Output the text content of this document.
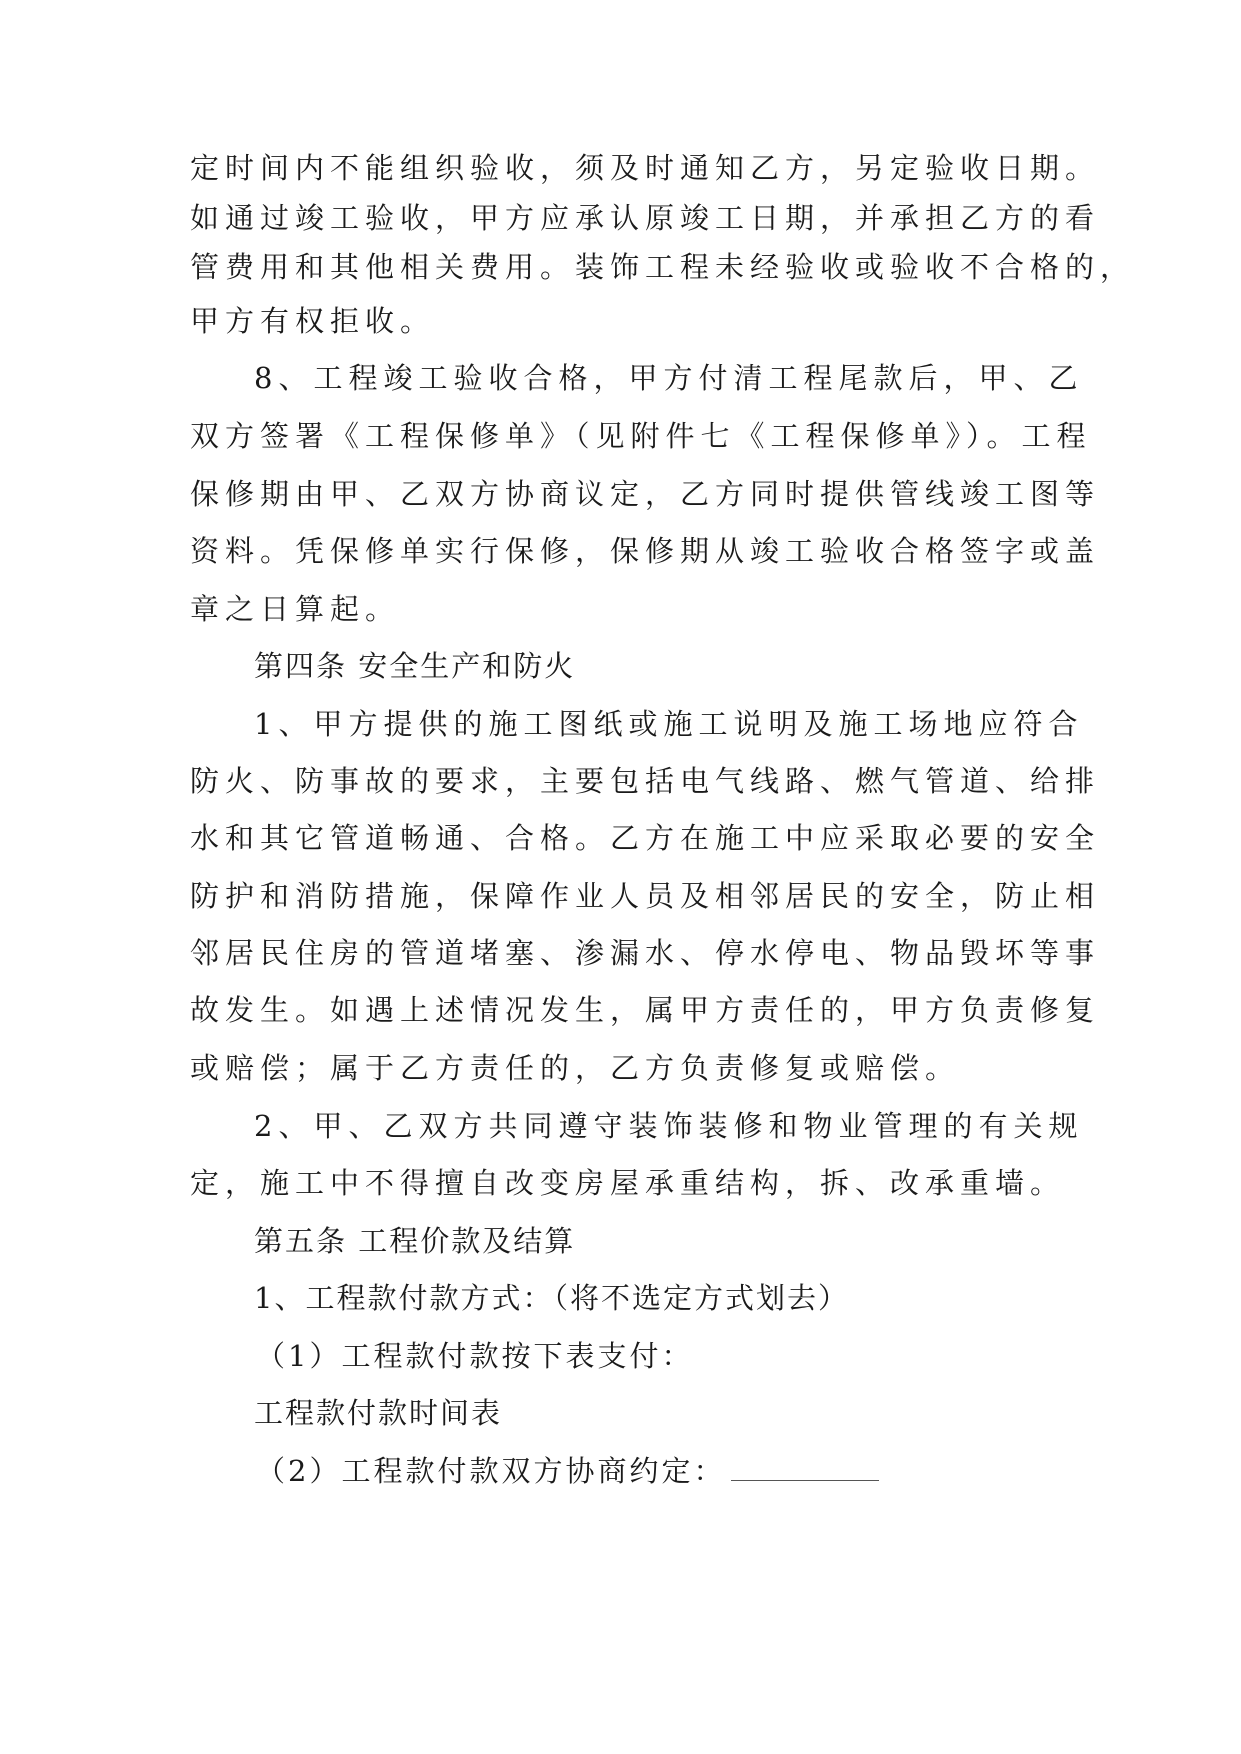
定时间内不能组织验收，须及时通知乙方，另定验收日期。
如通过竣工验收，甲方应承认原竣工日期，并承担乙方的看
管费用和其他相关费用。装饰工程未经验收或验收不合格的，
甲方有权拒收。
8、工程竣工验收合格，甲方付清工程尾款后，甲、乙
双方签署《工程保修单》（见附件七《工程保修单》）。工程
保修期由甲、乙双方协商议定，乙方同时提供管线竣工图等
资料。凭保修单实行保修，保修期从竣工验收合格签字或盖
章之日算起。
第四条 安全生产和防火
1、甲方提供的施工图纸或施工说明及施工场地应符合
防火、防事故的要求，主要包括电气线路、燃气管道、给排
水和其它管道畅通、合格。乙方在施工中应采取必要的安全
防护和消防措施，保障作业人员及相邻居民的安全，防止相
邻居民住房的管道堵塞、渗漏水、停水停电、物品毁坏等事
故发生。如遇上述情况发生，属甲方责任的，甲方负责修复
或赔偿；属于乙方责任的，乙方负责修复或赔偿。
2、甲、乙双方共同遵守装饰装修和物业管理的有关规
定，施工中不得擅自改变房屋承重结构，拆、改承重墙。
第五条 工程价款及结算
1、工程款付款方式：（将不选定方式划去）
（1）工程款付款按下表支付：
工程款付款时间表
（2）工程款付款双方协商约定：
